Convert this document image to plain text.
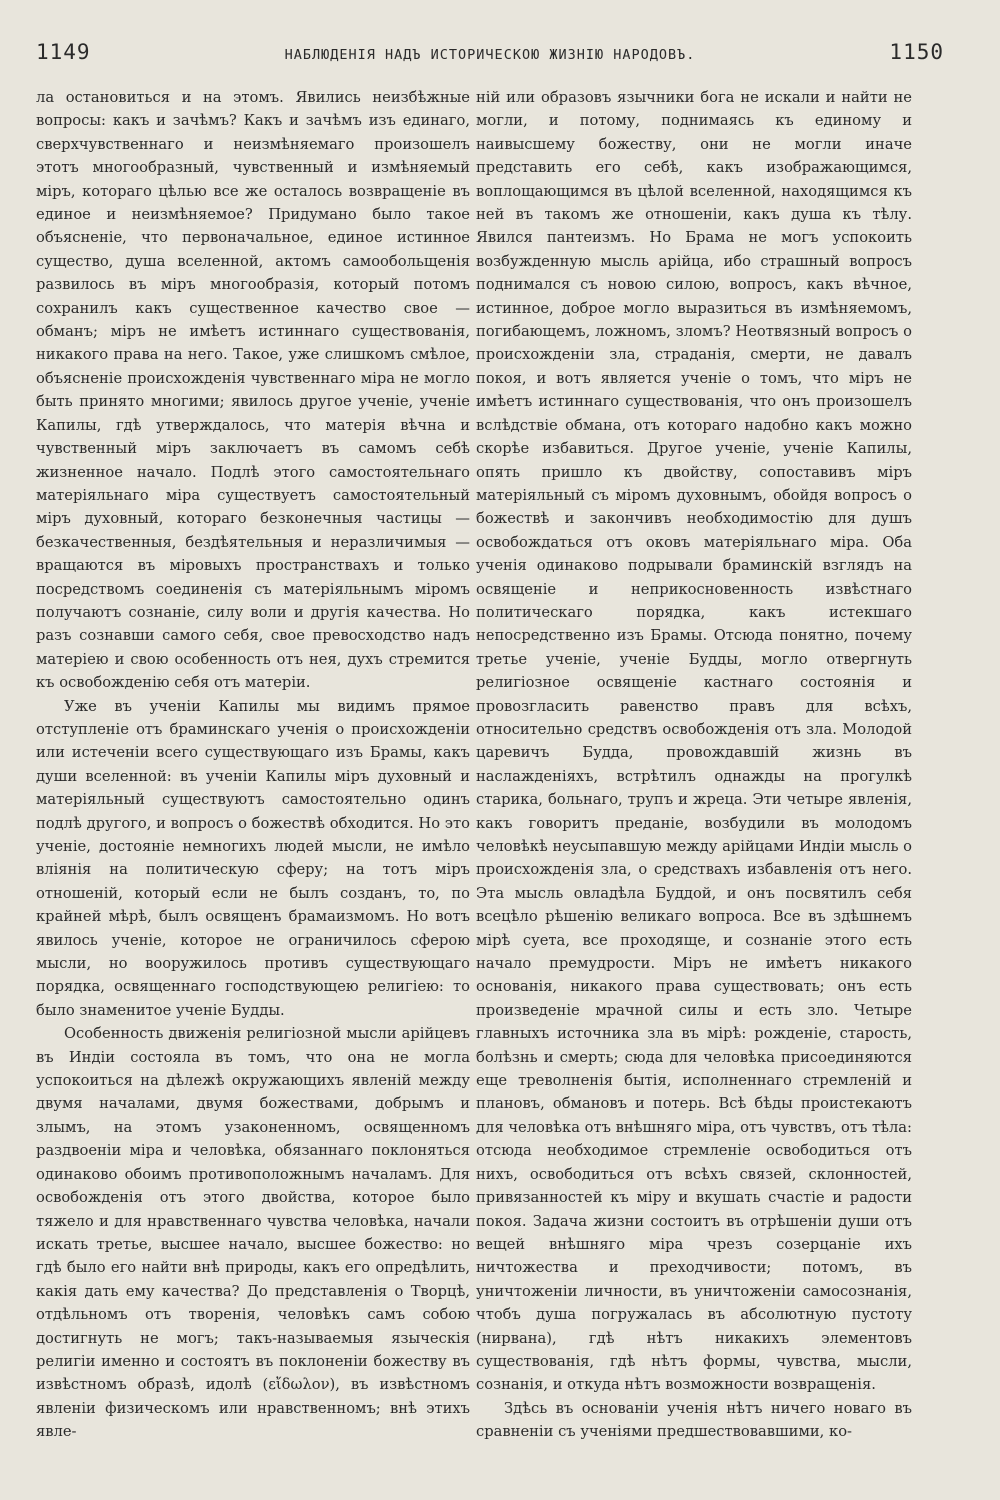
1149	НАБЛЮДЕНІЯ НАДЪ ИСТОРИЧЕСКОЮ ЖИЗНІЮ НАРОДОВЪ.	1150

ла остановиться и на этомъ. Явились неизбѣжные вопросы: какъ и зачѣмъ? Какъ и зачѣмъ изъ единаго, сверхчувственнаго и неизмѣняемаго произошелъ этотъ многообразный, чувственный и измѣняемый міръ, котораго цѣлью все же осталось возвращеніе въ единое и неизмѣняемое? Придумано было такое объясненіе, что первоначальное, единое истинное существо, душа вселенной, актомъ самообольщенія развилось въ міръ многообразія, который потомъ сохранилъ какъ существенное качество свое — обманъ; міръ не имѣетъ истиннаго существованія, никакого права на него. Такое, уже слишкомъ смѣлое, объясненіе происхожденія чувственнаго міра не могло быть принято многими; явилось другое ученіе, ученіе Капилы, гдѣ утверждалось, что матерія вѣчна и чувственный міръ заключаетъ въ самомъ себѣ жизненное начало. Подлѣ этого самостоятельнаго матеріяльнаго міра существуетъ самостоятельный міръ духовный, котораго безконечныя частицы — безкачественныя, бездѣятельныя и неразличимыя — вращаются въ міровыхъ пространствахъ и только посредствомъ соединенія съ матеріяльнымъ міромъ получаютъ сознаніе, силу воли и другія качества. Но разъ сознавши самого себя, свое превосходство надъ матеріею и свою особенность отъ нея, духъ стремится къ освобожденію себя отъ матеріи.

Уже въ ученіи Капилы мы видимъ прямое отступленіе отъ браминскаго ученія о происхожденіи или истеченіи всего существующаго изъ Брамы, какъ души вселенной: въ ученіи Капилы міръ духовный и матеріяльный существуютъ самостоятельно одинъ подлѣ другого, и вопросъ о божествѣ обходится. Но это ученіе, достояніе немногихъ людей мысли, не имѣло вліянія на политическую сферу; на тотъ міръ отношеній, который если не былъ созданъ, то, по крайней мѣрѣ, былъ освященъ брамаизмомъ. Но вотъ явилось ученіе, которое не ограничилось сферою мысли, но вооружилось противъ существующаго порядка, освященнаго господствующею религіею: то было знаменитое ученіе Будды.

Особенность движенія религіозной мысли арійцевъ въ Индіи состояла въ томъ, что она не могла успокоиться на дѣлежѣ окружающихъ явленій между двумя началами, двумя божествами, добрымъ и злымъ, на этомъ узаконенномъ, освященномъ раздвоеніи міра и человѣка, обязаннаго поклоняться одинаково обоимъ противоположнымъ началамъ. Для освобожденія отъ этого двойства, которое было тяжело и для нравственнаго чувства человѣка, начали искать третье, высшее начало, высшее божество: но гдѣ было его найти внѣ природы, какъ его опредѣлить, какія дать ему качества? До представленія о Творцѣ, отдѣльномъ отъ творенія, человѣкъ самъ собою достигнуть не могъ; такъ-называемыя языческія религіи именно и состоятъ въ поклоненіи божеству въ извѣстномъ образѣ, идолѣ (εἴδωλον), въ извѣстномъ явленіи физическомъ или нравственномъ; внѣ этихъ явле-

ній или образовъ язычники бога не искали и найти не могли, и потому, поднимаясь къ единому и наивысшему божеству, они не могли иначе представить его себѣ, какъ изображающимся, воплощающимся въ цѣлой вселенной, находящимся къ ней въ такомъ же отношеніи, какъ душа къ тѣлу. Явился пантеизмъ. Но Брама не могъ успокоить возбужденную мысль арійца, ибо страшный вопросъ поднимался съ новою силою, вопросъ, какъ вѣчное, истинное, доброе могло выразиться въ измѣняемомъ, погибающемъ, ложномъ, зломъ? Неотвязный вопросъ о происхожденіи зла, страданія, смерти, не давалъ покоя, и вотъ является ученіе о томъ, что міръ не имѣетъ истиннаго существованія, что онъ произошелъ вслѣдствіе обмана, отъ котораго надобно какъ можно скорѣе избавиться. Другое ученіе, ученіе Капилы, опять пришло къ двойству, сопоставивъ міръ матеріяльный съ міромъ духовнымъ, обойдя вопросъ о божествѣ и закончивъ необходимостію для душъ освобождаться отъ оковъ матеріяльнаго міра. Оба ученія одинаково подрывали браминскій взглядъ на освященіе и неприкосновенность извѣстнаго политическаго порядка, какъ истекшаго непосредственно изъ Брамы. Отсюда понятно, почему третье ученіе, ученіе Будды, могло отвергнуть религіозное освященіе кастнаго состоянія и провозгласить равенство правъ для всѣхъ, относительно средствъ освобожденія отъ зла. Молодой царевичъ Будда, провождавшій жизнь въ наслажденіяхъ, встрѣтилъ однажды на прогулкѣ старика, больнаго, трупъ и жреца. Эти четыре явленія, какъ говоритъ преданіе, возбудили въ молодомъ человѣкѣ неусыпавшую между арійцами Индіи мысль о происхожденія зла, о средствахъ избавленія отъ него. Эта мысль овладѣла Буддой, и онъ посвятилъ себя всецѣло рѣшенію великаго вопроса. Все въ здѣшнемъ мірѣ суета, все проходяще, и сознаніе этого есть начало премудрости. Міръ не имѣетъ никакого основанія, никакого права существовать; онъ есть произведеніе мрачной силы и есть зло. Четыре главныхъ источника зла въ мірѣ: рожденіе, старость, болѣзнь и смерть; сюда для человѣка присоединяются еще треволненія бытія, исполненнаго стремленій и плановъ, обмановъ и потерь. Всѣ бѣды проистекаютъ для человѣка отъ внѣшняго міра, отъ чувствъ, отъ тѣла: отсюда необходимое стремленіе освободиться отъ нихъ, освободиться отъ всѣхъ связей, склонностей, привязанностей къ міру и вкушать счастіе и радости покоя. Задача жизни состоитъ въ отрѣшеніи души отъ вещей внѣшняго міра чрезъ созерцаніе ихъ ничтожества и преходчивости; потомъ, въ уничтоженіи личности, въ уничтоженіи самосознанія, чтобъ душа погружалась въ абсолютную пустоту (нирвана), гдѣ нѣтъ никакихъ элементовъ существованія, гдѣ нѣтъ формы, чувства, мысли, сознанія, и откуда нѣтъ возможности возвращенія.

Здѣсь въ основаніи ученія нѣтъ ничего новаго въ сравненіи съ ученіями предшествовавшими, ко-
